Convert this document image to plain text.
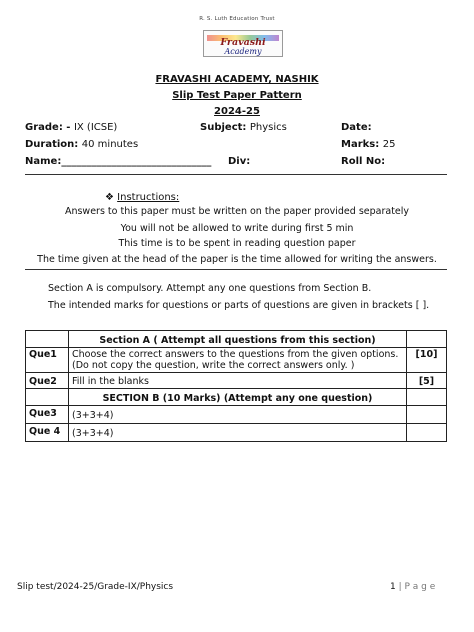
R. S. Luth Education Trust
Fravashi
Academy
FRAVASHI ACADEMY, NASHIK
Slip Test Paper Pattern
2024-25
Grade: - IX (ICSE)	Subject: Physics	Date:
Duration: 40 minutes	Marks: 25
Name:______________________________ Div:	Roll No:
❖ Instructions:
Answers to this paper must be written on the paper provided separately
You will not be allowed to write during first 5 min
This time is to be spent in reading question paper
The time given at the head of the paper is the time allowed for writing the answers.
Section A is compulsory. Attempt any one questions from Section B.
The intended marks for questions or parts of questions are given in brackets [ ].
	Section A ( Attempt all questions from this section)	
Que1	Choose the correct answers to the questions from the given options.
(Do not copy the question, write the correct answers only. )	[10]
Que2	Fill in the blanks	[5]
	SECTION B (10 Marks) (Attempt any one question)	
Que3	(3+3+4)	
Que 4	(3+3+4)	
Slip test/2024-25/Grade-IX/Physics	1 | P a g e
